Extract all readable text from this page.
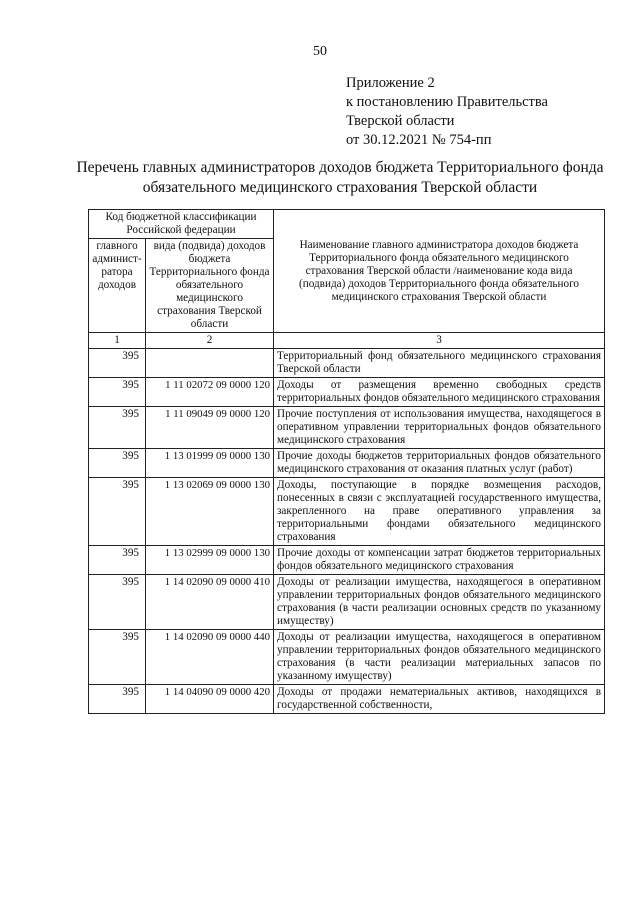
50
Приложение 2
к постановлению Правительства
Тверской области
от 30.12.2021 № 754-пп
Перечень главных администраторов доходов бюджета Территориального фонда
обязательного медицинского страхования Тверской области
Код бюджетной классификации Российской федерации		Наименование главного администратора доходов бюджета Территориального фонда обязательного медицинского страхования Тверской области /наименование кода вида (подвида) доходов Территориального фонда обязательного медицинского страхования Тверской области
главного админист-ратора доходов	вида (подвида) доходов бюджета Территориального фонда обязательного медицинского страхования Тверской области	
1	2	3
395		Территориальный фонд обязательного медицинского страхования Тверской области
395	1 11 02072 09 0000 120	Доходы от размещения временно свободных средств территориальных фондов обязательного медицинского страхования
395	1 11 09049 09 0000 120	Прочие поступления от использования имущества, находящегося в оперативном управлении территориальных фондов обязательного медицинского страхования
395	1 13 01999 09 0000 130	Прочие доходы бюджетов территориальных фондов обязательного медицинского страхования от оказания платных услуг (работ)
395	1 13 02069 09 0000 130	Доходы, поступающие в порядке возмещения расходов, понесенных в связи с эксплуатацией государственного имущества, закрепленного на праве оперативного управления за территориальными фондами обязательного медицинского страхования
395	1 13 02999 09 0000 130	Прочие доходы от компенсации затрат бюджетов территориальных фондов обязательного медицинского страхования
395	1 14 02090 09 0000 410	Доходы от реализации имущества, находящегося в оперативном управлении территориальных фондов обязательного медицинского страхования (в части реализации основных средств по указанному имуществу)
395	1 14 02090 09 0000 440	Доходы от реализации имущества, находящегося в оперативном управлении территориальных фондов обязательного медицинского страхования (в части реализации материальных запасов по указанному имуществу)
395	1 14 04090 09 0000 420	Доходы от продажи нематериальных активов, находящихся в государственной собственности,
